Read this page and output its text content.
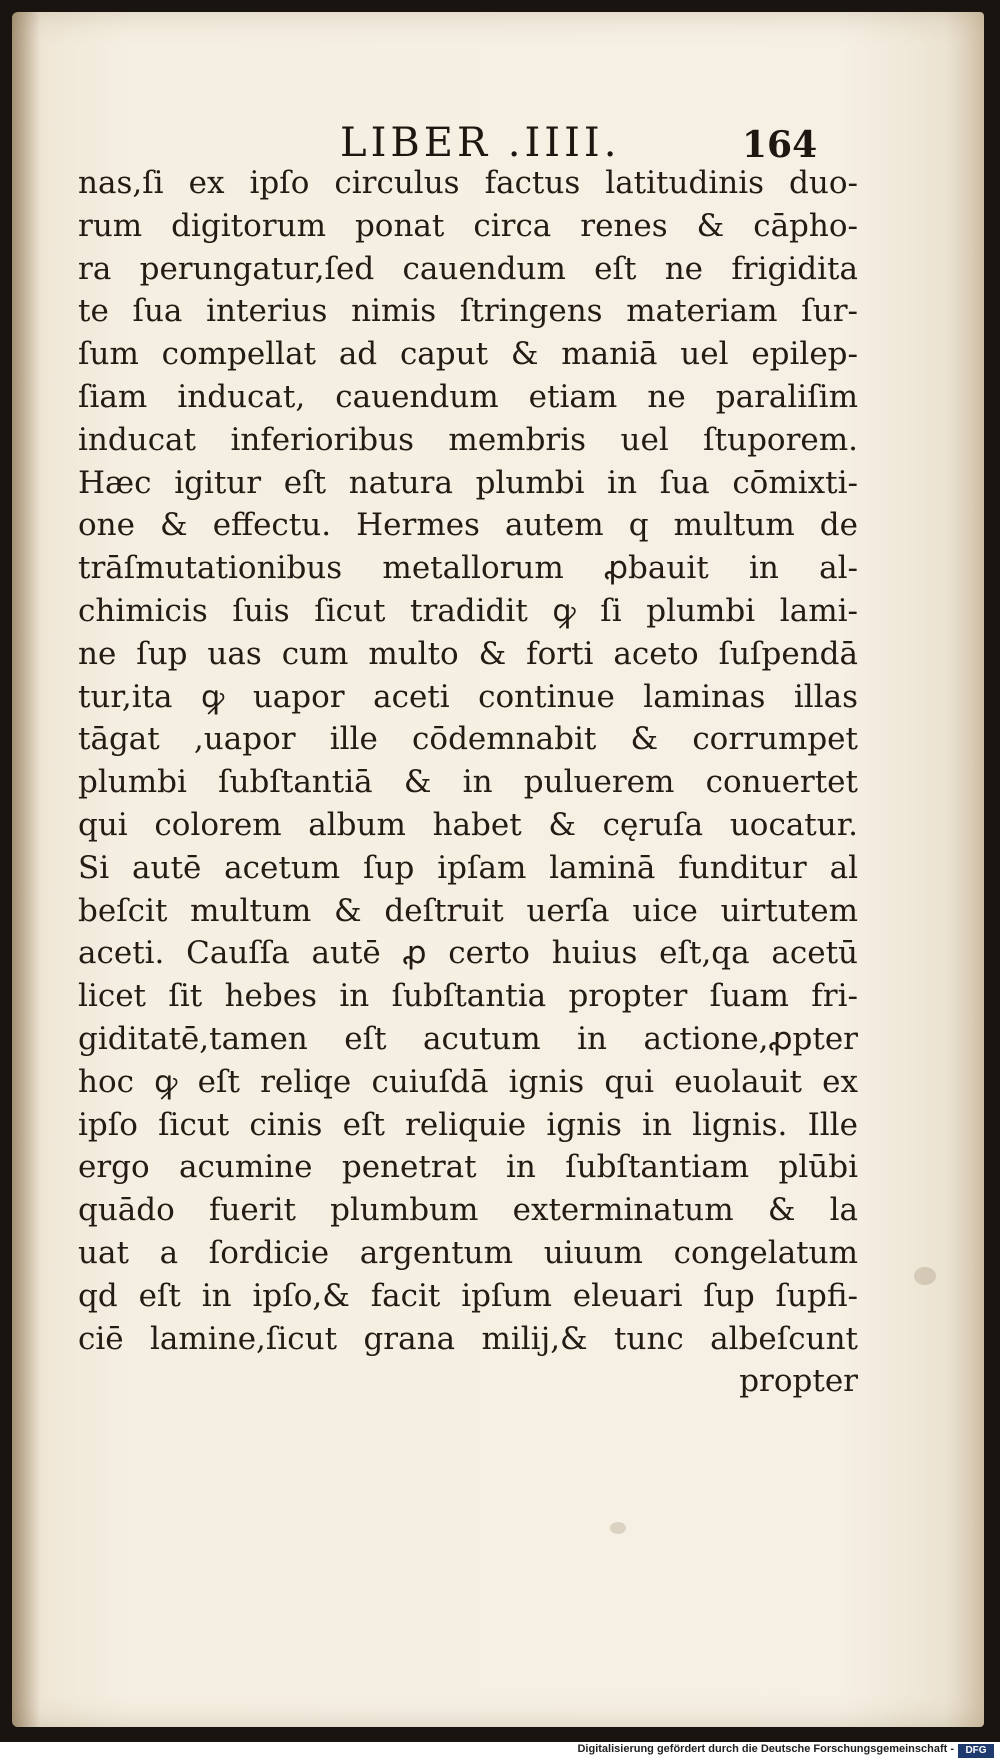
LIBER .IIII.	164
nas,ſi ex ipſo circulus factus latitudinis duo-
rum digitorum ponat circa renes & cāpho-
ra perungatur,ſed cauendum eſt ne frigidita
te ſua interius nimis ſtringens materiam ſur-
ſum compellat ad caput & maniā uel epilep-
ſiam inducat, cauendum etiam ne paraliſim
inducat inferioribus membris uel ſtuporem.
Hæc igitur eſt natura plumbi in ſua cōmixti-
one & effectu. Hermes autem q multum de
trāſmutationibus metallorum ꝓbauit in al-
chimicis ſuis ſicut tradidit ꝙ ſi plumbi lami-
ne ſup uas cum multo & forti aceto ſuſpendā
tur,ita ꝙ uapor aceti continue laminas illas
tāgat ,uapor ille cōdemnabit & corrumpet
plumbi ſubſtantiā & in puluerem conuertet
qui colorem album habet & cęruſa uocatur.
Si autē acetum ſup ipſam laminā funditur al
beſcit multum & deſtruit uerſa uice uirtutem
aceti. Cauſſa autē ꝓ certo huius eſt,qa acetū
licet ſit hebes in ſubſtantia propter ſuam fri-
giditatē,tamen eſt acutum in actione,ꝓpter
hoc ꝙ eſt reliqe cuiuſdā ignis qui euolauit ex
ipſo ſicut cinis eſt reliquie ignis in lignis. Ille
ergo acumine penetrat in ſubſtantiam plūbi
quādo fuerit plumbum exterminatum & la
uat a ſordicie argentum uiuum congelatum
qd eſt in ipſo,& facit ipſum eleuari ſup ſupfi-
ciē lamine,ſicut grana milij,& tunc albeſcunt
propter
Digitalisierung gefördert durch die Deutsche Forschungsgemeinschaft -	DFG
